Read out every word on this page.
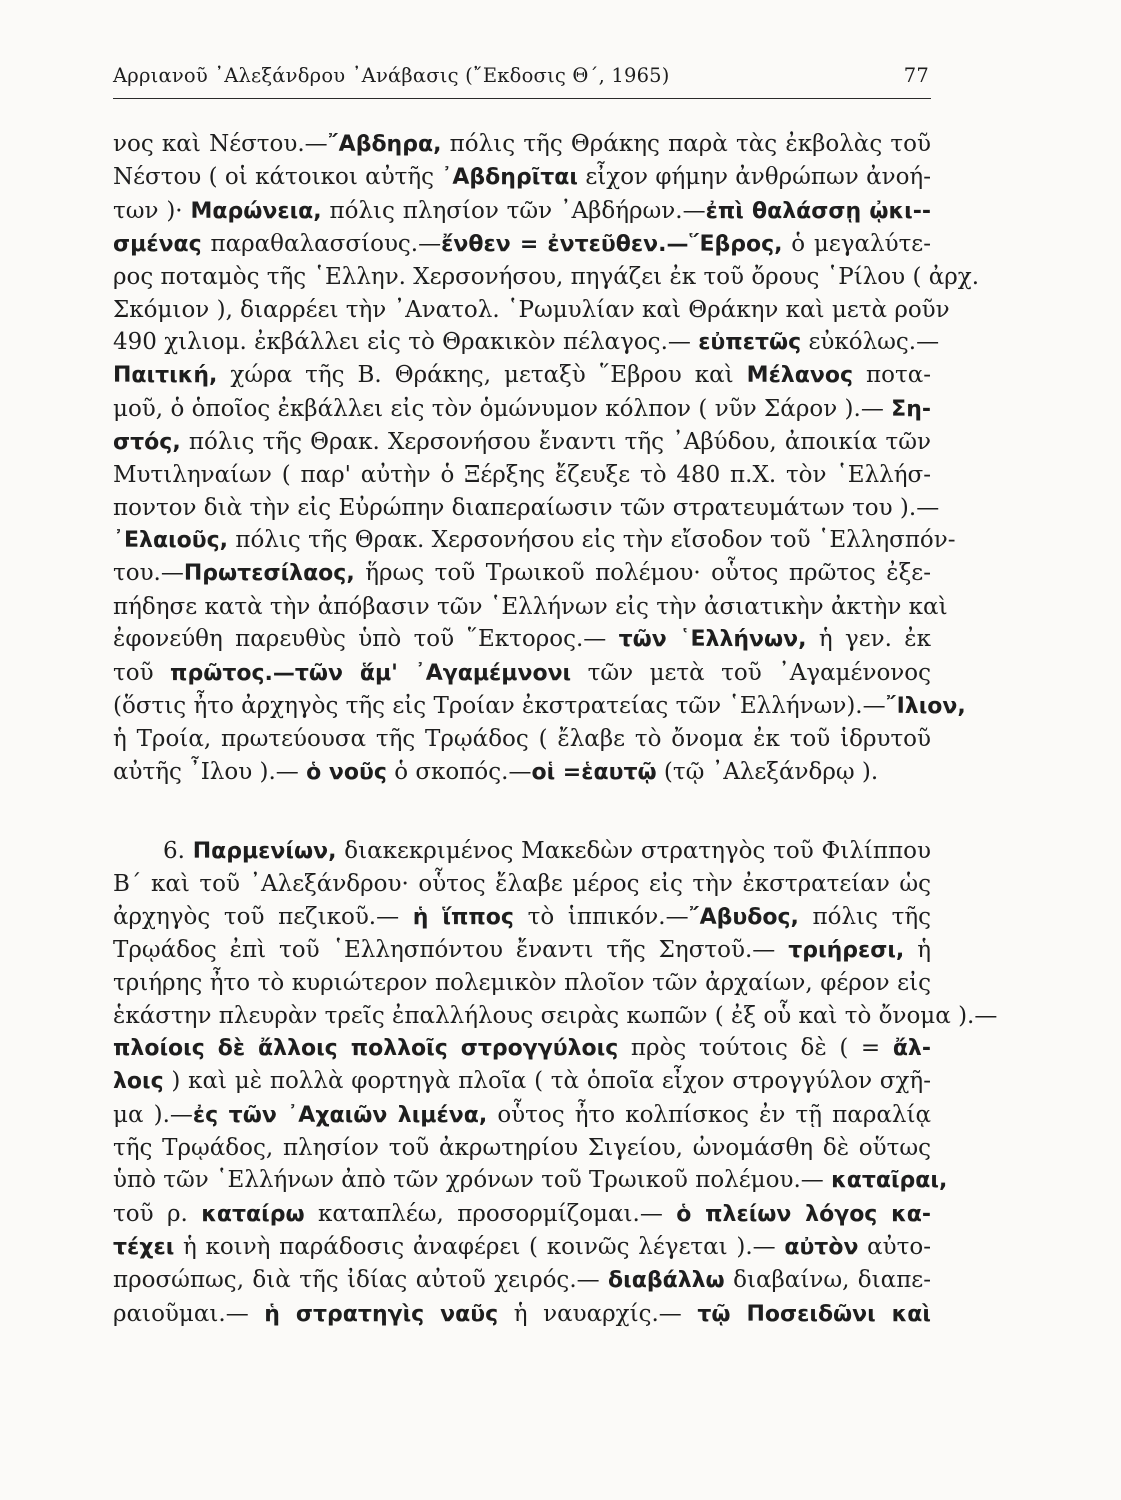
Αρριανοῦ ᾿Αλεξάνδρου ᾿Ανάβασις (῎Εκδοσις Θ΄, 1965)	77
νος καὶ Νέστου.—῎Αβδηρα, πόλις τῆς Θράκης παρὰ τὰς ἐκβολὰς τοῦ
Νέστου ( οἱ κάτοικοι αὐτῆς ᾿Αβδηρῖται εἶχον φήμην ἀνθρώπων ἀνοή-
των )· Μαρώνεια, πόλις πλησίον τῶν ᾿Αβδήρων.—ἐπὶ θαλάσσῃ ᾠκι--
σμένας παραθαλασσίους.—ἔνθεν = ἐντεῦθεν.—῞Εβρος, ὁ μεγαλύτε-
ρος ποταμὸς τῆς ῾Ελλην. Χερσονήσου, πηγάζει ἐκ τοῦ ὄρους ῾Ρίλου ( ἀρχ.
Σκόμιον ), διαρρέει τὴν ᾿Ανατολ. ῾Ρωμυλίαν καὶ Θράκην καὶ μετὰ ροῦν
490 χιλιομ. ἐκβάλλει εἰς τὸ Θρακικὸν πέλαγος.— εὐπετῶς εὐκόλως.—
Παιτική, χώρα τῆς Β. Θράκης, μεταξὺ ῞Εβρου καὶ Μέλανος ποτα-
μοῦ, ὁ ὁποῖος ἐκβάλλει εἰς τὸν ὁμώνυμον κόλπον ( νῦν Σάρον ).— Ση-
στός, πόλις τῆς Θρακ. Χερσονήσου ἔναντι τῆς ᾿Αβύδου, ἀποικία τῶν
Μυτιληναίων ( παρ' αὐτὴν ὁ Ξέρξης ἔζευξε τὸ 480 π.Χ. τὸν ῾Ελλήσ-
ποντον διὰ τὴν εἰς Εὐρώπην διαπεραίωσιν τῶν στρατευμάτων του ).—
᾿Ελαιοῦς, πόλις τῆς Θρακ. Χερσονήσου εἰς τὴν εἴσοδον τοῦ ῾Ελλησπόν-
του.—Πρωτεσίλαος, ἥρως τοῦ Τρωικοῦ πολέμου· οὗτος πρῶτος ἐξε-
πήδησε κατὰ τὴν ἀπόβασιν τῶν ῾Ελλήνων εἰς τὴν ἀσιατικὴν ἀκτὴν καὶ
ἐφονεύθη παρευθὺς ὑπὸ τοῦ ῞Εκτορος.— τῶν ῾Ελλήνων, ἡ γεν. ἐκ
τοῦ πρῶτος.—τῶν ἅμ' ᾿Αγαμέμνονι τῶν μετὰ τοῦ ᾿Αγαμένονος
(ὅστις ἦτο ἀρχηγὸς τῆς εἰς Τροίαν ἐκστρατείας τῶν ῾Ελλήνων).—῎Ιλιον,
ἡ Τροία, πρωτεύουσα τῆς Τρῳάδος ( ἔλαβε τὸ ὄνομα ἐκ τοῦ ἱδρυτοῦ
αὐτῆς ῏Ιλου ).— ὁ νοῦς ὁ σκοπός.—οἱ =ἑαυτῷ (τῷ ᾿Αλεξάνδρῳ ).
6. Παρμενίων, διακεκριμένος Μακεδὼν στρατηγὸς τοῦ Φιλίππου
Β΄ καὶ τοῦ ᾿Αλεξάνδρου· οὗτος ἔλαβε μέρος εἰς τὴν ἐκστρατείαν ὡς
ἀρχηγὸς τοῦ πεζικοῦ.— ἡ ἵππος τὸ ἱππικόν.—῎Αβυδος, πόλις τῆς
Τρῳάδος ἐπὶ τοῦ ῾Ελλησπόντου ἔναντι τῆς Σηστοῦ.— τριήρεσι, ἡ
τριήρης ἦτο τὸ κυριώτερον πολεμικὸν πλοῖον τῶν ἀρχαίων, φέρον εἰς
ἑκάστην πλευρὰν τρεῖς ἐπαλλήλους σειρὰς κωπῶν ( ἐξ οὗ καὶ τὸ ὄνομα ).—
πλοίοις δὲ ἄλλοις πολλοῖς στρογγύλοις πρὸς τούτοις δὲ ( = ἄλ-
λοις ) καὶ μὲ πολλὰ φορτηγὰ πλοῖα ( τὰ ὁποῖα εἶχον στρογγύλον σχῆ-
μα ).—ἐς τῶν ᾿Αχαιῶν λιμένα, οὗτος ἦτο κολπίσκος ἐν τῇ παραλίᾳ
τῆς Τρῳάδος, πλησίον τοῦ ἀκρωτηρίου Σιγείου, ὠνομάσθη δὲ οὕτως
ὑπὸ τῶν ῾Ελλήνων ἀπὸ τῶν χρόνων τοῦ Τρωικοῦ πολέμου.— καταῖραι,
τοῦ ρ. καταίρω καταπλέω, προσορμίζομαι.— ὁ πλείων λόγος κα-
τέχει ἡ κοινὴ παράδοσις ἀναφέρει ( κοινῶς λέγεται ).— αὐτὸν αὐτο-
προσώπως, διὰ τῆς ἰδίας αὐτοῦ χειρός.— διαβάλλω διαβαίνω, διαπε-
ραιοῦμαι.— ἡ στρατηγὶς ναῦς ἡ ναυαρχίς.— τῷ Ποσειδῶνι καὶ
